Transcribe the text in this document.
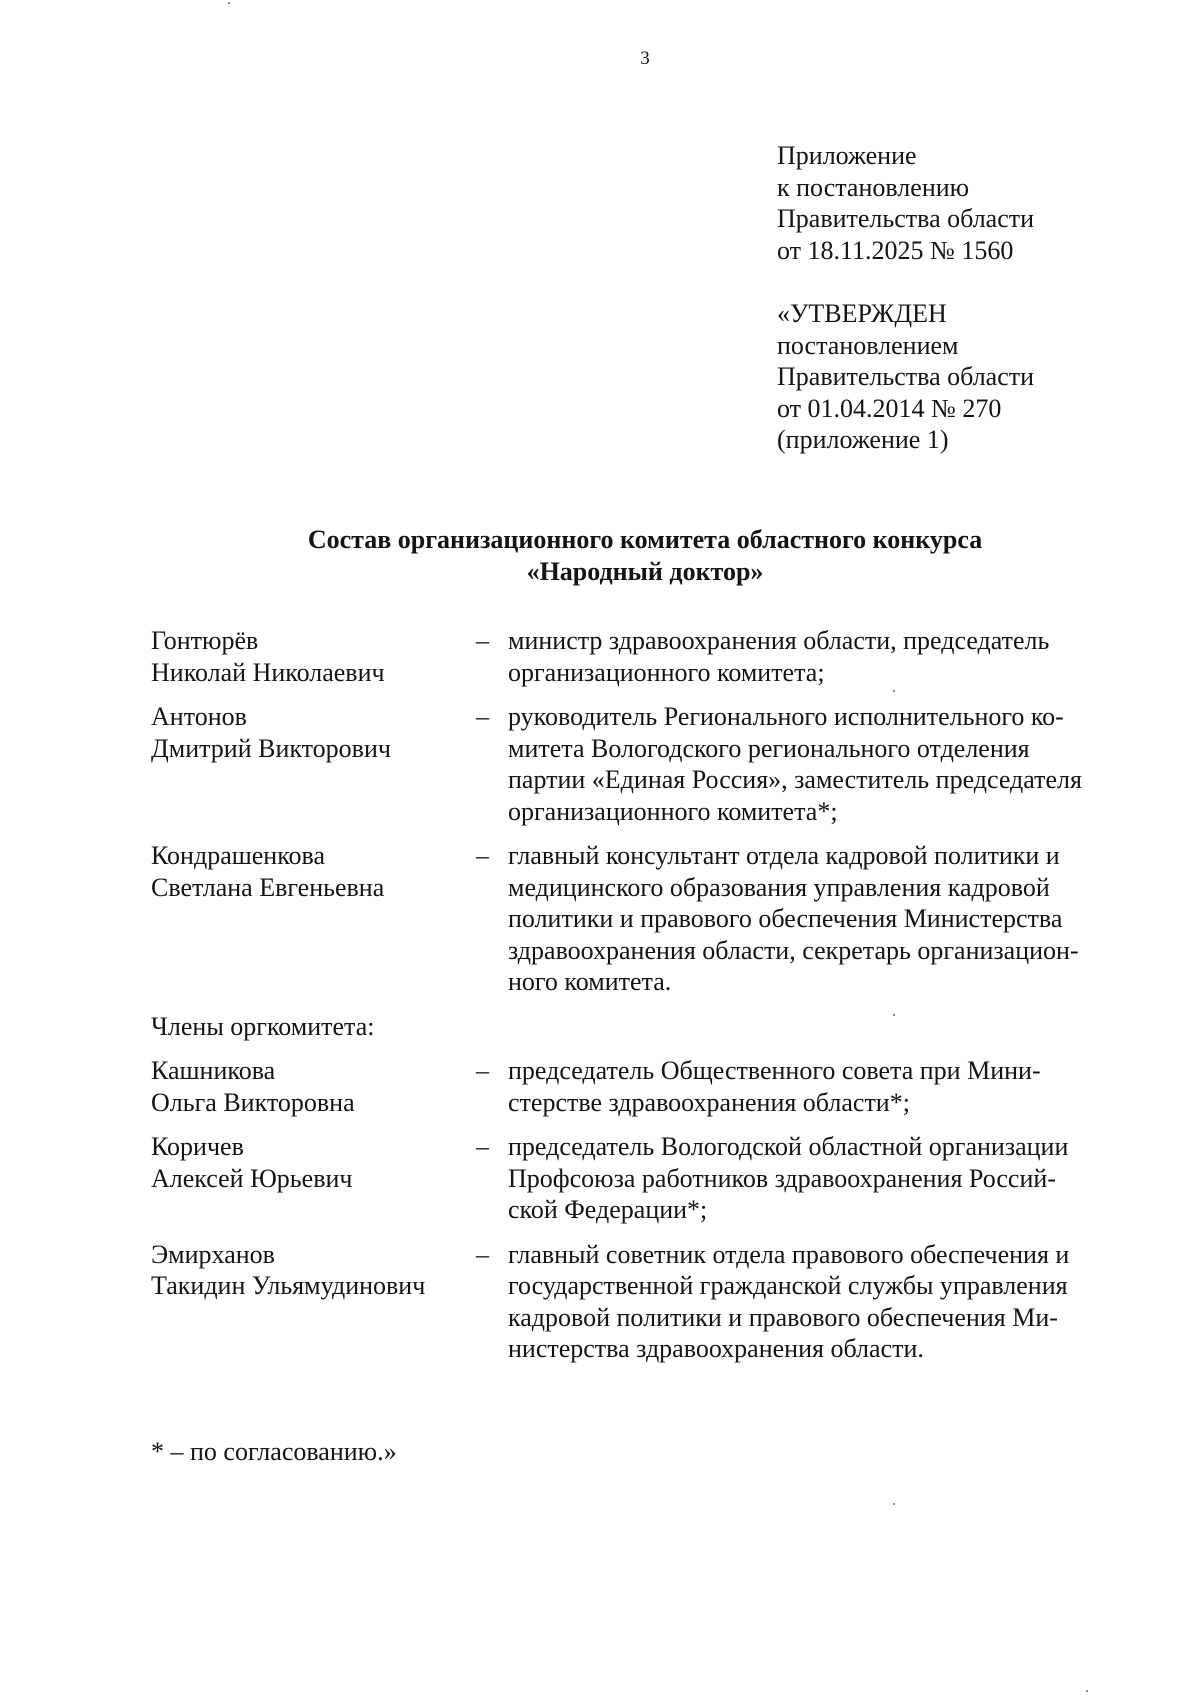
3
Приложение
к постановлению
Правительства области
от 18.11.2025 № 1560
«УТВЕРЖДЕН
постановлением
Правительства области
от 01.04.2014 № 270
(приложение 1)
Состав организационного комитета областного конкурса
«Народный доктор»
Гонтюрёв
Николай Николаевич
– министр здравоохранения области, председатель
организационного комитета;
Антонов
Дмитрий Викторович
– руководитель Регионального исполнительного ко-
митета Вологодского регионального отделения
партии «Единая Россия», заместитель председателя
организационного комитета*;
Кондрашенкова
Светлана Евгеньевна
– главный консультант отдела кадровой политики и
медицинского образования управления кадровой
политики и правового обеспечения Министерства
здравоохранения области, секретарь организацион-
ного комитета.
Члены оргкомитета:
Кашникова
Ольга Викторовна
– председатель Общественного совета при Мини-
стерстве здравоохранения области*;
Коричев
Алексей Юрьевич
– председатель Вологодской областной организации
Профсоюза работников здравоохранения Россий-
ской Федерации*;
Эмирханов
Такидин Ульямудинович
– главный советник отдела правового обеспечения и
государственной гражданской службы управления
кадровой политики и правового обеспечения Ми-
нистерства здравоохранения области.
* – по согласованию.»
